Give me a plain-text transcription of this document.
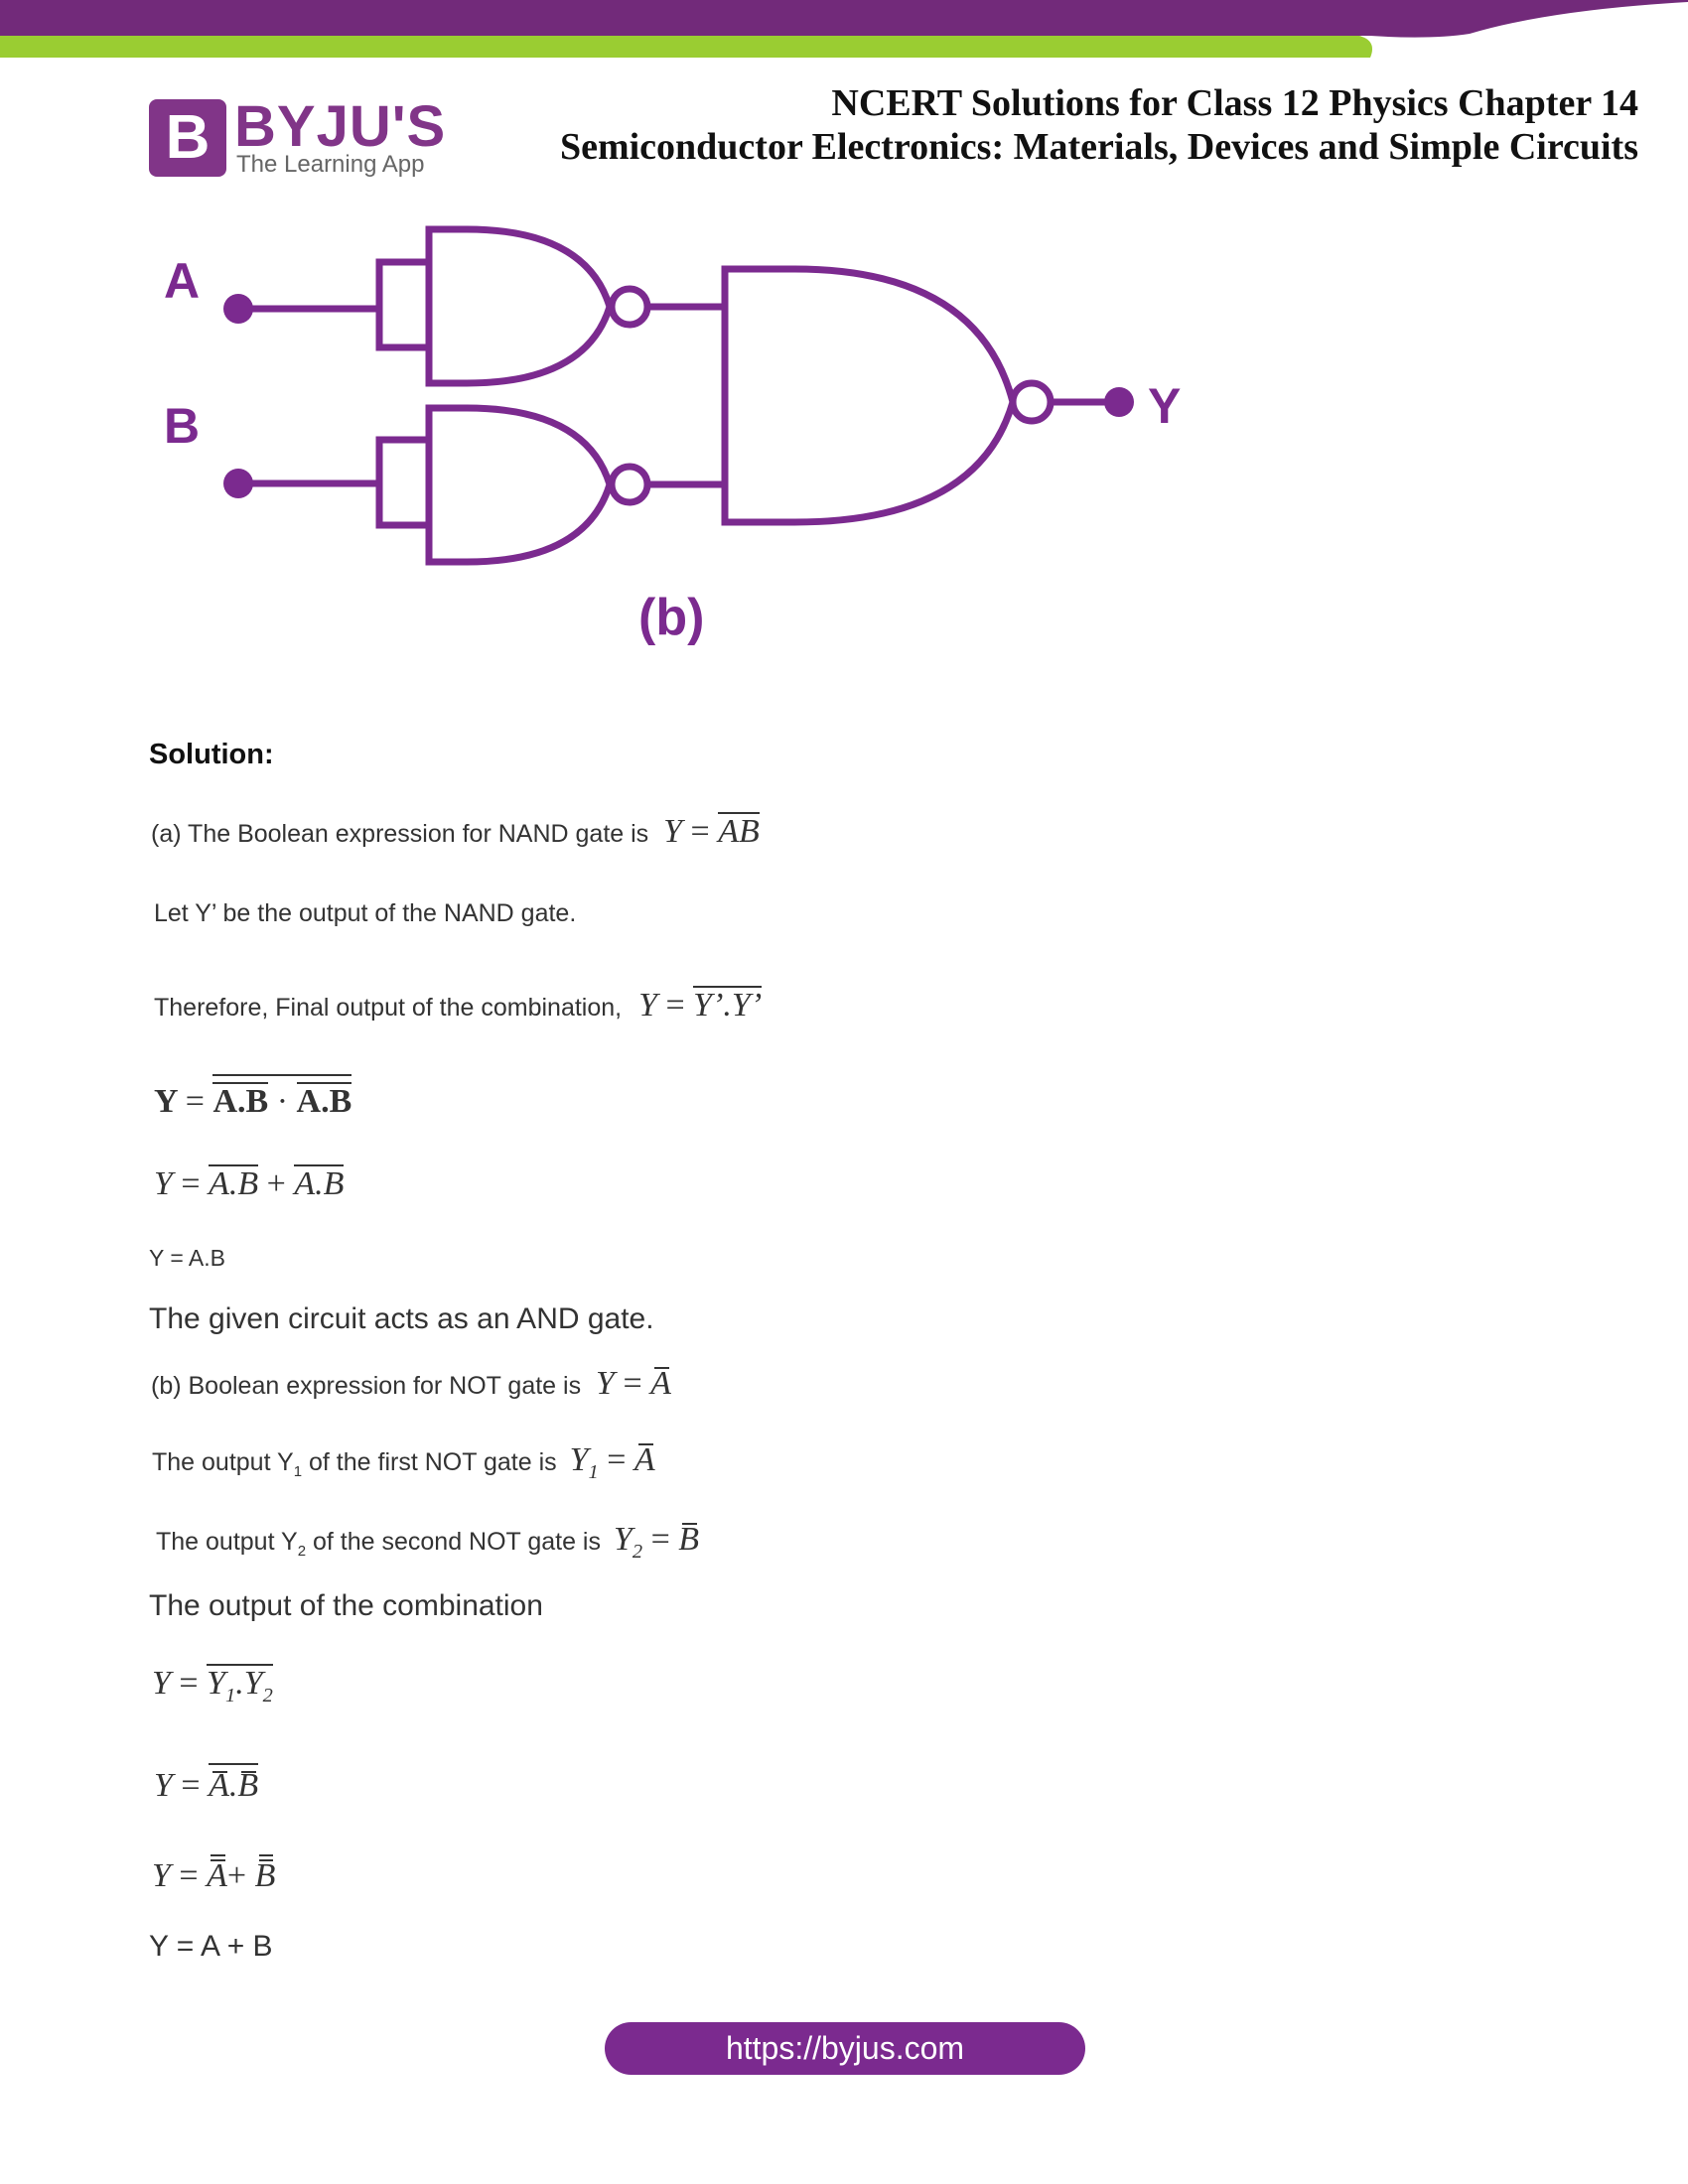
B BYJU'S
The Learning App
NCERT Solutions for Class 12 Physics Chapter 14
Semiconductor Electronics: Materials, Devices and Simple Circuits
A
B	Y
(b)
Solution:
(a) The Boolean expression for NAND gate is Y = AB
Let Y’ be the output of the NAND gate.
Therefore, Final output of the combination, Y = Y’.Y’
Y = A.B · A.B
Y = A.B + A.B
Y = A.B
The given circuit acts as an AND gate.
(b) Boolean expression for NOT gate is Y = A
The output $Y_1$ of the first NOT gate is $Y_1 = A$
The output $Y_2$ of the second NOT gate is $Y_2 = B$
The output of the combination
$Y = Y_1.Y_2$
Y = A.B
Y = A+ B
Y = A + B
https://byjus.com
